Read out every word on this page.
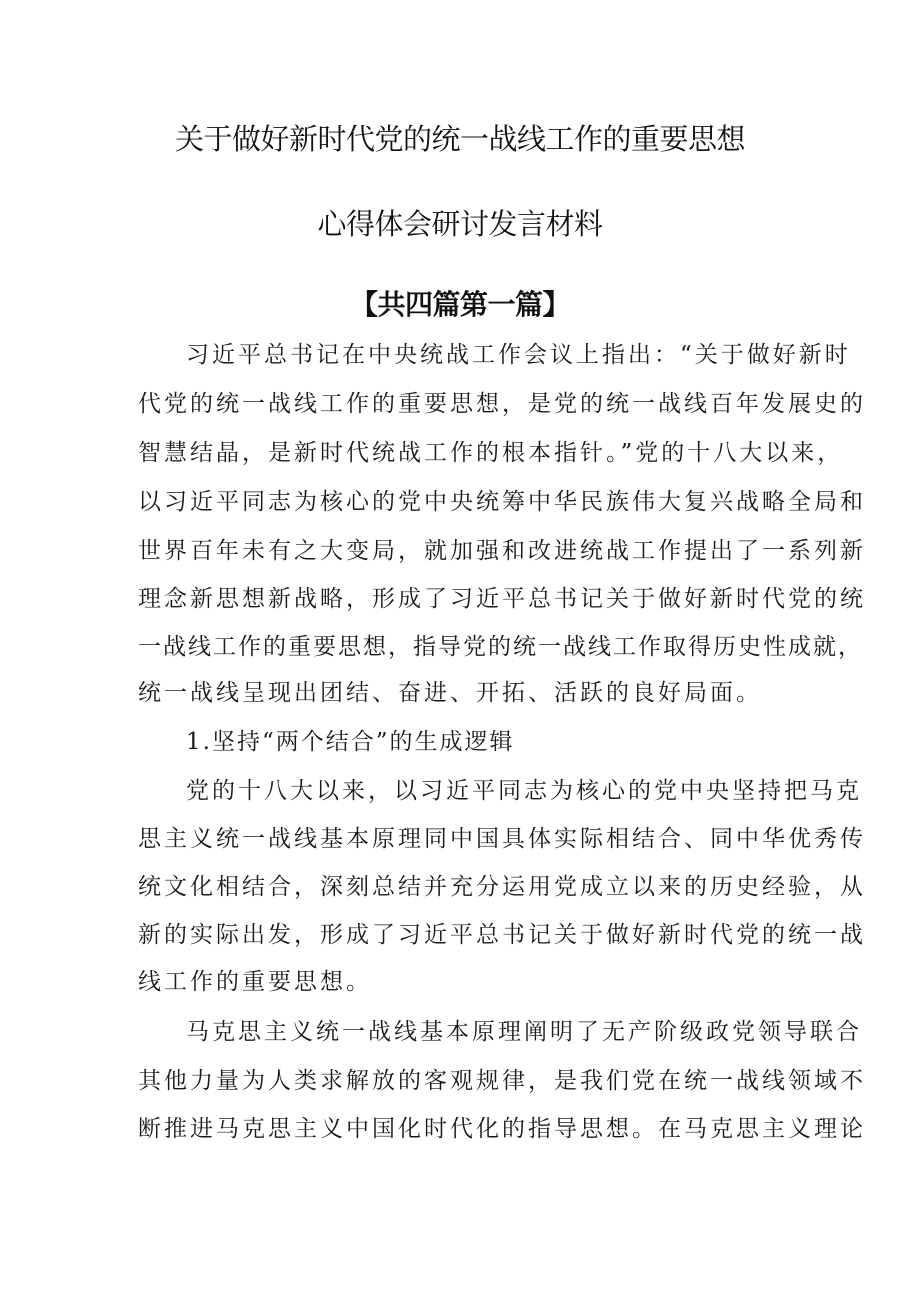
关于做好新时代党的统一战线工作的重要思想
心得体会研讨发言材料
【共四篇第一篇】
习近平总书记在中央统战工作会议上指出：“关于做好新时
代党的统一战线工作的重要思想，是党的统一战线百年发展史的
智慧结晶，是新时代统战工作的根本指针。”党的十八大以来，
以习近平同志为核心的党中央统筹中华民族伟大复兴战略全局和
世界百年未有之大变局，就加强和改进统战工作提出了一系列新
理念新思想新战略，形成了习近平总书记关于做好新时代党的统
一战线工作的重要思想，指导党的统一战线工作取得历史性成就，
统一战线呈现出团结、奋进、开拓、活跃的良好局面。
1.坚持“两个结合”的生成逻辑
党的十八大以来，以习近平同志为核心的党中央坚持把马克
思主义统一战线基本原理同中国具体实际相结合、同中华优秀传
统文化相结合，深刻总结并充分运用党成立以来的历史经验，从
新的实际出发，形成了习近平总书记关于做好新时代党的统一战
线工作的重要思想。
马克思主义统一战线基本原理阐明了无产阶级政党领导联合
其他力量为人类求解放的客观规律，是我们党在统一战线领域不
断推进马克思主义中国化时代化的指导思想。在马克思主义理论
